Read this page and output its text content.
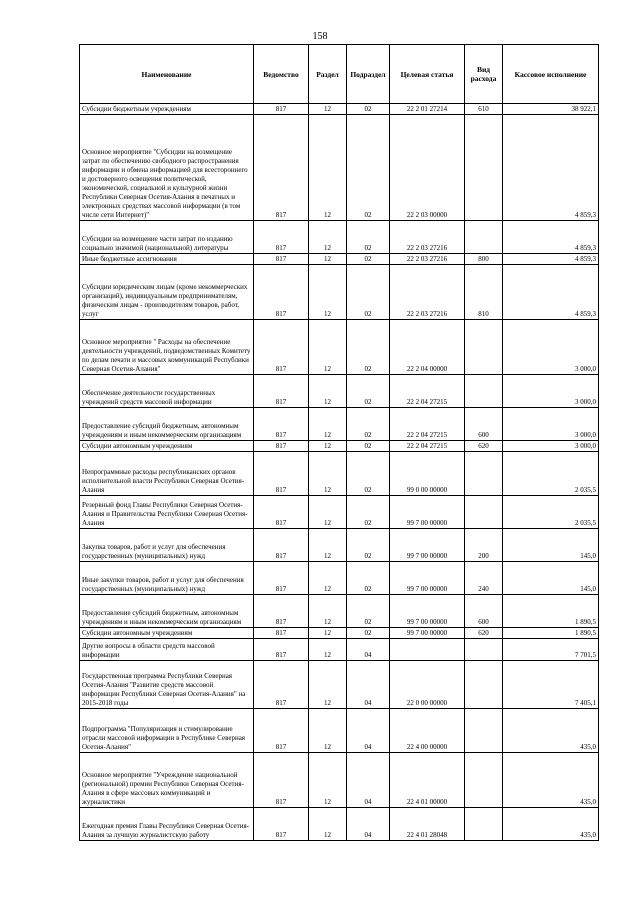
158
Наименование	Ведомство	Раздел	Подраздел	Целевая статья	Вид расхода	Кассовое исполнение
Субсидии бюджетным учреждениям	817	12	02	22 2 01 27214	610	38 922,1
Основное мероприятие "Субсидии на возмещение затрат по обеспечению свободного распространения информации и обмена информацией для всестороннего и достоверного освещения политической, экономической, социальной и культурной жизни Республики Северная Осетия-Алания в печатных и электронных средствах массовой информации (в том числе сети Интернет)"	817	12	02	22 2 03 00000		4 859,3
Субсидии на возмещение части затрат по изданию социально значимой (национальной) литературы	817	12	02	22 2 03 27216		4 859,3
Иные бюджетные ассигнования	817	12	02	22 2 03 27216	800	4 859,3
Субсидии юридическим лицам (кроме некоммерческих организаций), индивидуальным предпринимателям, физическим лицам - производителям товаров, работ, услуг	817	12	02	22 2 03 27216	810	4 859,3
Основное мероприятие " Расходы на обеспечение деятельности учреждений, подведомственных Комитету по делам печати и массовых коммуникаций Республики Северная Осетия-Алания"	817	12	02	22 2 04 00000		3 000,0
Обеспечение деятельности государственных учреждений средств массовой информации	817	12	02	22 2 04 27215		3 000,0
Предоставление субсидий бюджетным, автономным учреждениям и иным некоммерческим организациям	817	12	02	22 2 04 27215	600	3 000,0
Субсидии автономным учреждениям	817	12	02	22 2 04 27215	620	3 000,0
Непрограммные расходы республиканских органов исполнительной власти Республики Северная Осетия-Алания	817	12	02	99 0 00 00000		2 035,5
Резервный фонд Главы Республики Северная Осетия-Алания и Правительства Республики Северная Осетия-Алания	817	12	02	99 7 00 00000		2 035,5
Закупка товаров, работ и услуг для обеспечения государственных (муниципальных) нужд	817	12	02	99 7 00 00000	200	145,0
Иные закупки товаров, работ и услуг для обеспечения государственных (муниципальных) нужд	817	12	02	99 7 00 00000	240	145,0
Предоставление субсидий бюджетным, автономным учреждениям и иным некоммерческим организациям	817	12	02	99 7 00 00000	600	1 890,5
Субсидии автономным учреждениям	817	12	02	99 7 00 00000	620	1 890,5
Другие вопросы в области средств массовой информации	817	12	04			7 701,5
Государственная программа Республики Северная Осетия-Алания "Развитие средств массовой информации Республики Северная Осетия-Алания" на 2015-2018 годы	817	12	04	22 0 00 00000		7 405,1
Подпрограмма "Популяризация и стимулирование отрасли массовой информации в Республике Северная Осетия-Алания"	817	12	04	22 4 00 00000		435,0
Основное мероприятие "Учреждение национальной (региональной) премии Республики Северная Осетия-Алания в сфере массовых коммуникаций и журналистики	817	12	04	22 4 01 00000		435,0
Ежегодная премия Главы Республики Северная Осетия-Алания за лучшую журналистскую работу	817	12	04	22 4 01 28048		435,0
